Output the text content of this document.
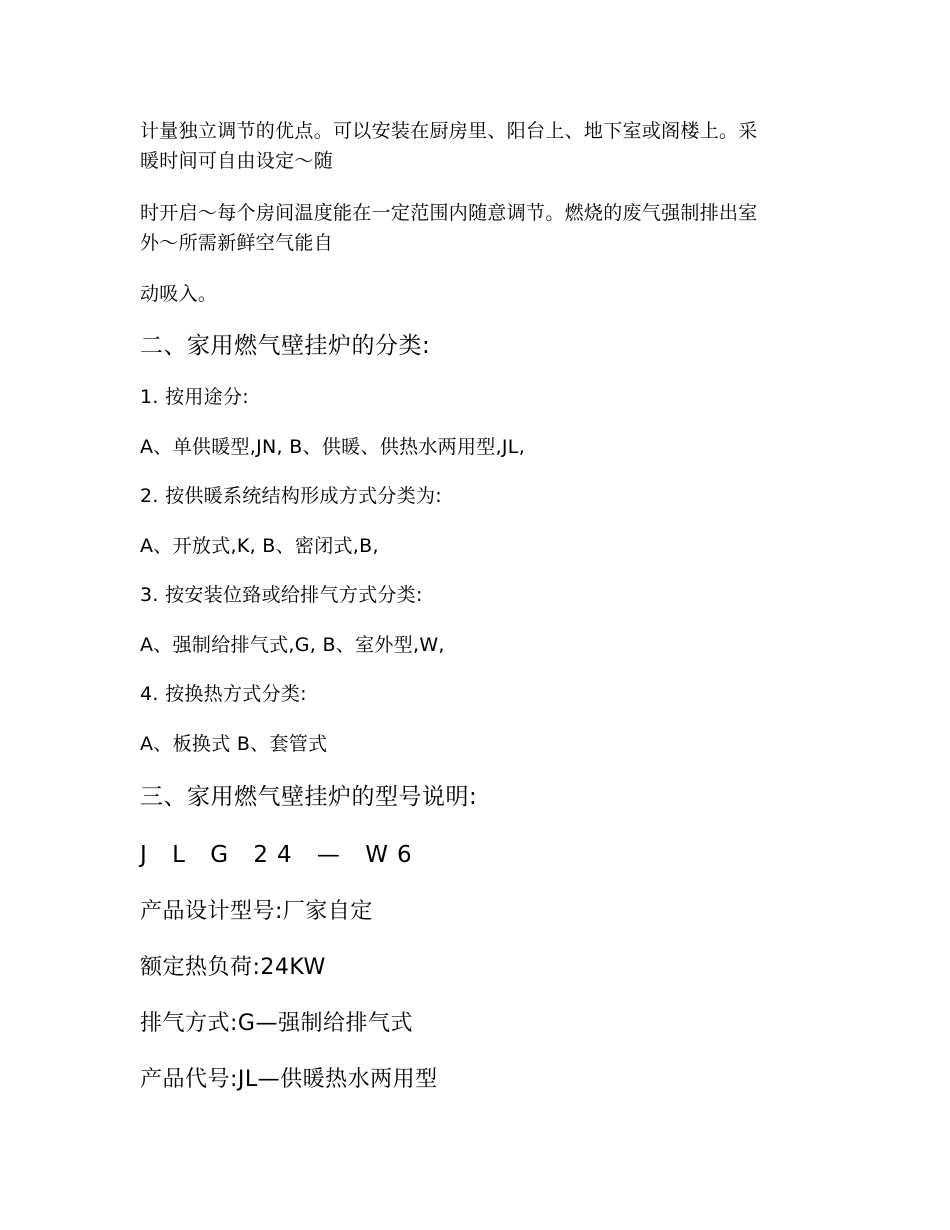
计量独立调节的优点。可以安装在厨房里、阳台上、地下室或阁楼上。采
暖时间可自由设定～随
时开启～每个房间温度能在一定范围内随意调节。燃烧的废气强制排出室
外～所需新鲜空气能自
动吸入。
二、家用燃气壁挂炉的分类:
1. 按用途分:
A、单供暖型,JN, B、供暖、供热水两用型,JL,
2. 按供暖系统结构形成方式分类为:
A、开放式,K, B、密闭式,B,
3. 按安装位臵或给排气方式分类:
A、强制给排气式,G, B、室外型,W,
4. 按换热方式分类:
A、板换式 B、套管式
三、家用燃气壁挂炉的型号说明:
J L G 24 — W6
产品设计型号:厂家自定
额定热负荷:24KW
排气方式:G—强制给排气式
产品代号:JL—供暖热水两用型
